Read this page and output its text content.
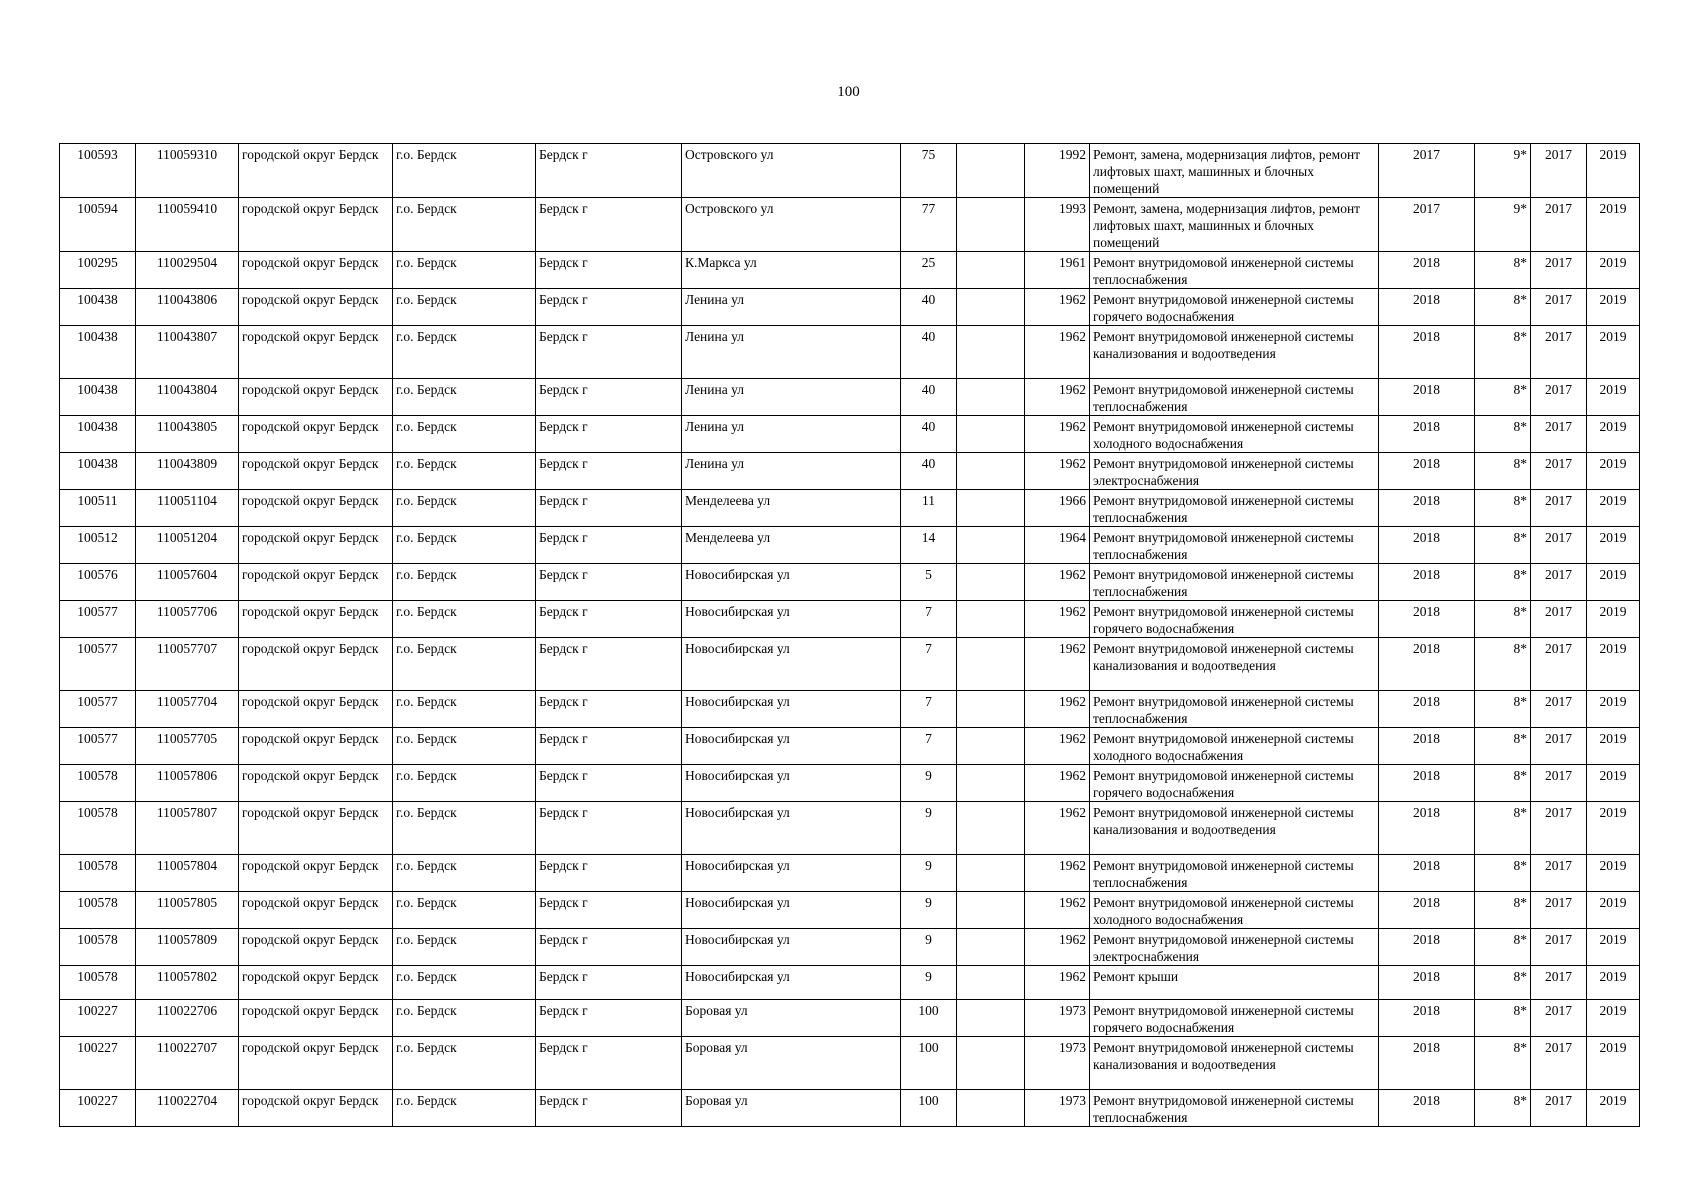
100
100593	110059310	городской округ Бердск	г.о. Бердск	Бердск г	Островского ул	75		1992	Ремонт, замена, модернизация лифтов, ремонт лифтовых шахт, машинных и блочных помещений	2017	9*	2017	2019
100594	110059410	городской округ Бердск	г.о. Бердск	Бердск г	Островского ул	77		1993	Ремонт, замена, модернизация лифтов, ремонт лифтовых шахт, машинных и блочных помещений	2017	9*	2017	2019
100295	110029504	городской округ Бердск	г.о. Бердск	Бердск г	К.Маркса ул	25		1961	Ремонт внутридомовой инженерной системы теплоснабжения	2018	8*	2017	2019
100438	110043806	городской округ Бердск	г.о. Бердск	Бердск г	Ленина ул	40		1962	Ремонт внутридомовой инженерной системы горячего водоснабжения	2018	8*	2017	2019
100438	110043807	городской округ Бердск	г.о. Бердск	Бердск г	Ленина ул	40		1962	Ремонт внутридомовой инженерной системы канализования и водоотведения	2018	8*	2017	2019
100438	110043804	городской округ Бердск	г.о. Бердск	Бердск г	Ленина ул	40		1962	Ремонт внутридомовой инженерной системы теплоснабжения	2018	8*	2017	2019
100438	110043805	городской округ Бердск	г.о. Бердск	Бердск г	Ленина ул	40		1962	Ремонт внутридомовой инженерной системы холодного водоснабжения	2018	8*	2017	2019
100438	110043809	городской округ Бердск	г.о. Бердск	Бердск г	Ленина ул	40		1962	Ремонт внутридомовой инженерной системы электроснабжения	2018	8*	2017	2019
100511	110051104	городской округ Бердск	г.о. Бердск	Бердск г	Менделеева ул	11		1966	Ремонт внутридомовой инженерной системы теплоснабжения	2018	8*	2017	2019
100512	110051204	городской округ Бердск	г.о. Бердск	Бердск г	Менделеева ул	14		1964	Ремонт внутридомовой инженерной системы теплоснабжения	2018	8*	2017	2019
100576	110057604	городской округ Бердск	г.о. Бердск	Бердск г	Новосибирская ул	5		1962	Ремонт внутридомовой инженерной системы теплоснабжения	2018	8*	2017	2019
100577	110057706	городской округ Бердск	г.о. Бердск	Бердск г	Новосибирская ул	7		1962	Ремонт внутридомовой инженерной системы горячего водоснабжения	2018	8*	2017	2019
100577	110057707	городской округ Бердск	г.о. Бердск	Бердск г	Новосибирская ул	7		1962	Ремонт внутридомовой инженерной системы канализования и водоотведения	2018	8*	2017	2019
100577	110057704	городской округ Бердск	г.о. Бердск	Бердск г	Новосибирская ул	7		1962	Ремонт внутридомовой инженерной системы теплоснабжения	2018	8*	2017	2019
100577	110057705	городской округ Бердск	г.о. Бердск	Бердск г	Новосибирская ул	7		1962	Ремонт внутридомовой инженерной системы холодного водоснабжения	2018	8*	2017	2019
100578	110057806	городской округ Бердск	г.о. Бердск	Бердск г	Новосибирская ул	9		1962	Ремонт внутридомовой инженерной системы горячего водоснабжения	2018	8*	2017	2019
100578	110057807	городской округ Бердск	г.о. Бердск	Бердск г	Новосибирская ул	9		1962	Ремонт внутридомовой инженерной системы канализования и водоотведения	2018	8*	2017	2019
100578	110057804	городской округ Бердск	г.о. Бердск	Бердск г	Новосибирская ул	9		1962	Ремонт внутридомовой инженерной системы теплоснабжения	2018	8*	2017	2019
100578	110057805	городской округ Бердск	г.о. Бердск	Бердск г	Новосибирская ул	9		1962	Ремонт внутридомовой инженерной системы холодного водоснабжения	2018	8*	2017	2019
100578	110057809	городской округ Бердск	г.о. Бердск	Бердск г	Новосибирская ул	9		1962	Ремонт внутридомовой инженерной системы электроснабжения	2018	8*	2017	2019
100578	110057802	городской округ Бердск	г.о. Бердск	Бердск г	Новосибирская ул	9		1962	Ремонт крыши	2018	8*	2017	2019
100227	110022706	городской округ Бердск	г.о. Бердск	Бердск г	Боровая ул	100		1973	Ремонт внутридомовой инженерной системы горячего водоснабжения	2018	8*	2017	2019
100227	110022707	городской округ Бердск	г.о. Бердск	Бердск г	Боровая ул	100		1973	Ремонт внутридомовой инженерной системы канализования и водоотведения	2018	8*	2017	2019
100227	110022704	городской округ Бердск	г.о. Бердск	Бердск г	Боровая ул	100		1973	Ремонт внутридомовой инженерной системы теплоснабжения	2018	8*	2017	2019
